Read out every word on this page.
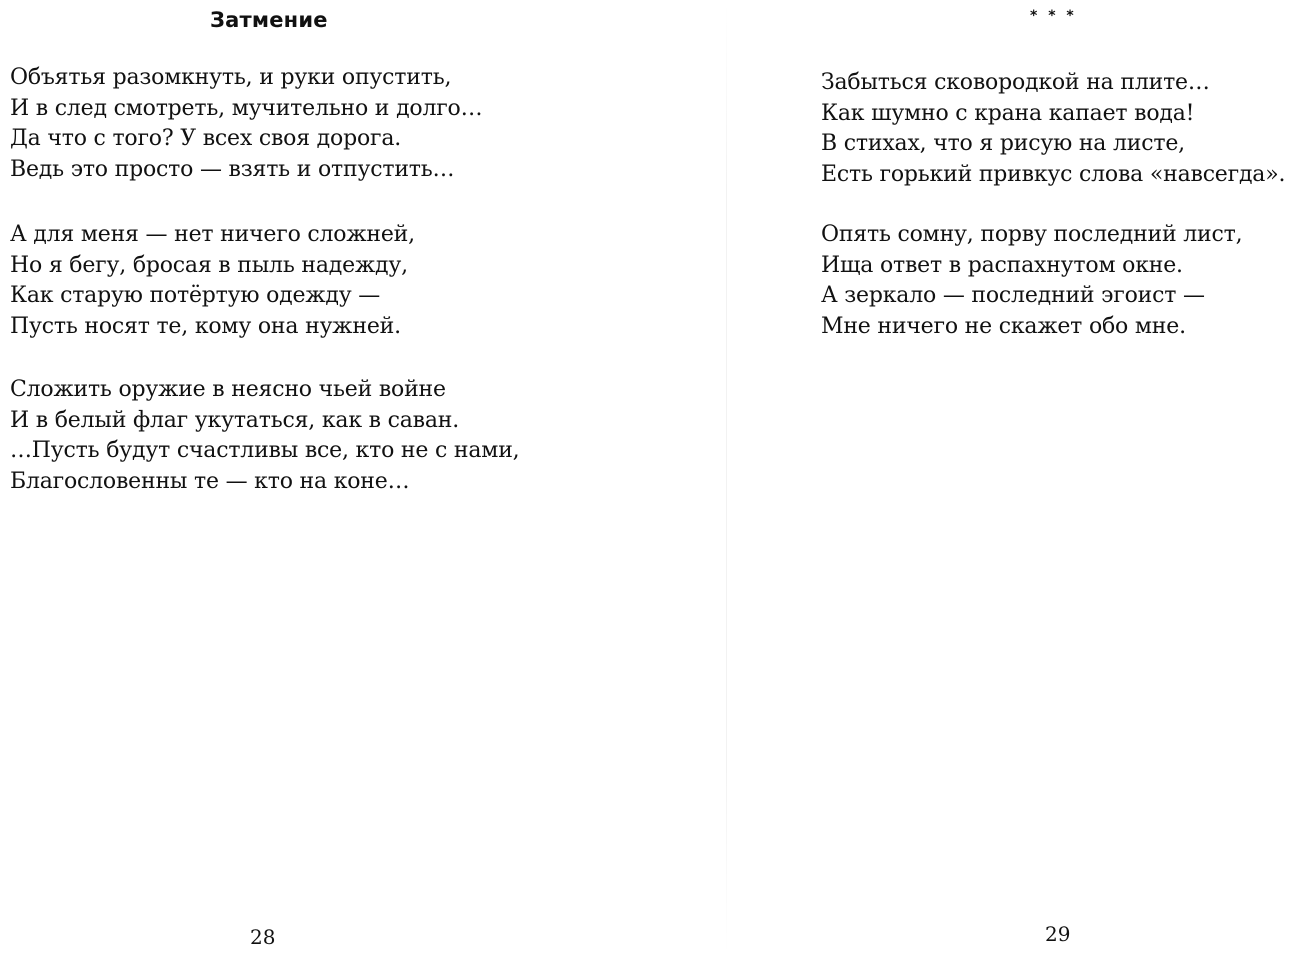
Затмение
Объятья разомкнуть, и руки опустить,
И в след смотреть, мучительно и долго…
Да что с того? У всех своя дорога.
Ведь это просто — взять и отпустить…
А для меня — нет ничего сложней,
Но я бегу, бросая в пыль надежду,
Как старую потёртую одежду —
Пусть носят те, кому она нужней.
Сложить оружие в неясно чьей войне
И в белый флаг укутаться, как в саван.
…Пусть будут счастливы все, кто не с нами,
Благословенны те — кто на коне…

28

* * *

Забыться сковородкой на плите…
Как шумно с крана капает вода!
В стихах, что я рисую на листе,
Есть горький привкус слова «навсегда».
Опять сомну, порву последний лист,
Ища ответ в распахнутом окне.
А зеркало — последний эгоист —
Мне ничего не скажет обо мне.

29
